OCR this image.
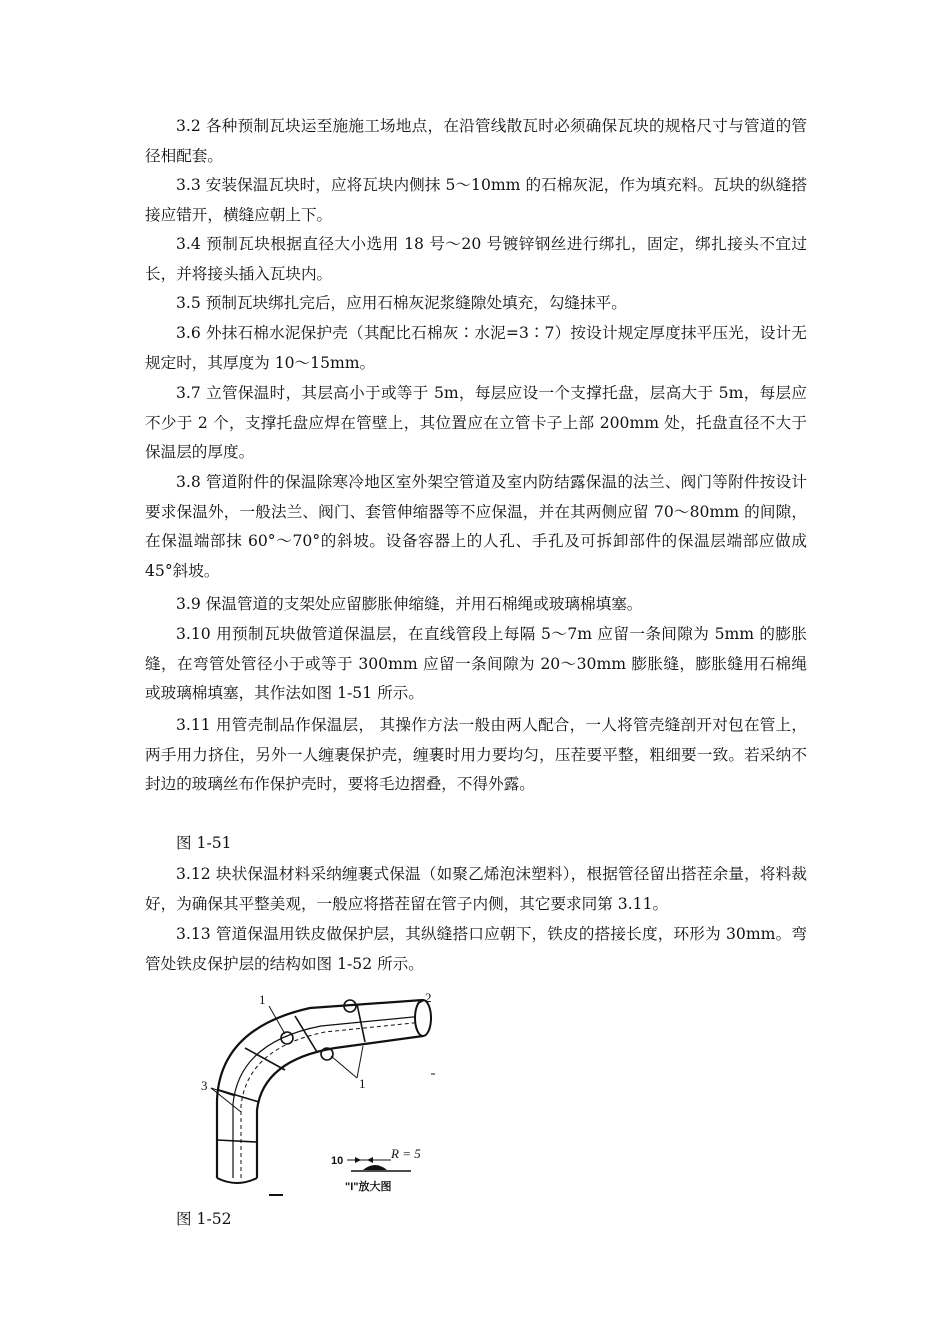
3.2 各种预制瓦块运至施施工场地点，在沿管线散瓦时必须确保瓦块的规格尺寸与管道的管径相配套。

3.3 安装保温瓦块时，应将瓦块内侧抹 5～10mm 的石棉灰泥，作为填充料。瓦块的纵缝搭接应错开，横缝应朝上下。

3.4 预制瓦块根据直径大小选用 18 号～20 号镀锌钢丝进行绑扎，固定，绑扎接头不宜过长，并将接头插入瓦块内。

3.5 预制瓦块绑扎完后，应用石棉灰泥浆缝隙处填充，勾缝抹平。

3.6 外抹石棉水泥保护壳（其配比石棉灰∶水泥=3∶7）按设计规定厚度抹平压光，设计无规定时，其厚度为 10～15mm。

3.7 立管保温时，其层高小于或等于 5m，每层应设一个支撑托盘，层高大于 5m，每层应不少于 2 个，支撑托盘应焊在管壁上，其位置应在立管卡子上部 200mm 处，托盘直径不大于保温层的厚度。

3.8 管道附件的保温除寒冷地区室外架空管道及室内防结露保温的法兰、阀门等附件按设计要求保温外，一般法兰、阀门、套管伸缩器等不应保温，并在其两侧应留 70～80mm 的间隙，在保温端部抹 60°～70°的斜坡。设备容器上的人孔、手孔及可拆卸部件的保温层端部应做成 45°斜坡。

3.9 保温管道的支架处应留膨胀伸缩缝，并用石棉绳或玻璃棉填塞。

3.10 用预制瓦块做管道保温层，在直线管段上每隔 5～7m 应留一条间隙为 5mm 的膨胀缝，在弯管处管径小于或等于 300mm 应留一条间隙为 20～30mm 膨胀缝，膨胀缝用石棉绳或玻璃棉填塞，其作法如图 1-51 所示。

3.11 用管壳制品作保温层， 其操作方法一般由两人配合，一人将管壳缝剖开对包在管上，两手用力挤住，另外一人缠裹保护壳，缠裹时用力要均匀，压茬要平整，粗细要一致。若采纳不封边的玻璃丝布作保护壳时，要将毛边摺叠，不得外露。

图 1-51

3.12 块状保温材料采纳缠裹式保温（如聚乙烯泡沫塑料），根据管径留出搭茬余量，将料裁好，为确保其平整美观，一般应将搭茬留在管子内侧，其它要求同第 3.11。

3.13 管道保温用铁皮做保护层，其纵缝搭口应朝下，铁皮的搭接长度，环形为 30mm。弯管处铁皮保护层的结构如图 1-52 所示。

1	2
1
3
10	R = 5
"I"放大图

图 1-52
